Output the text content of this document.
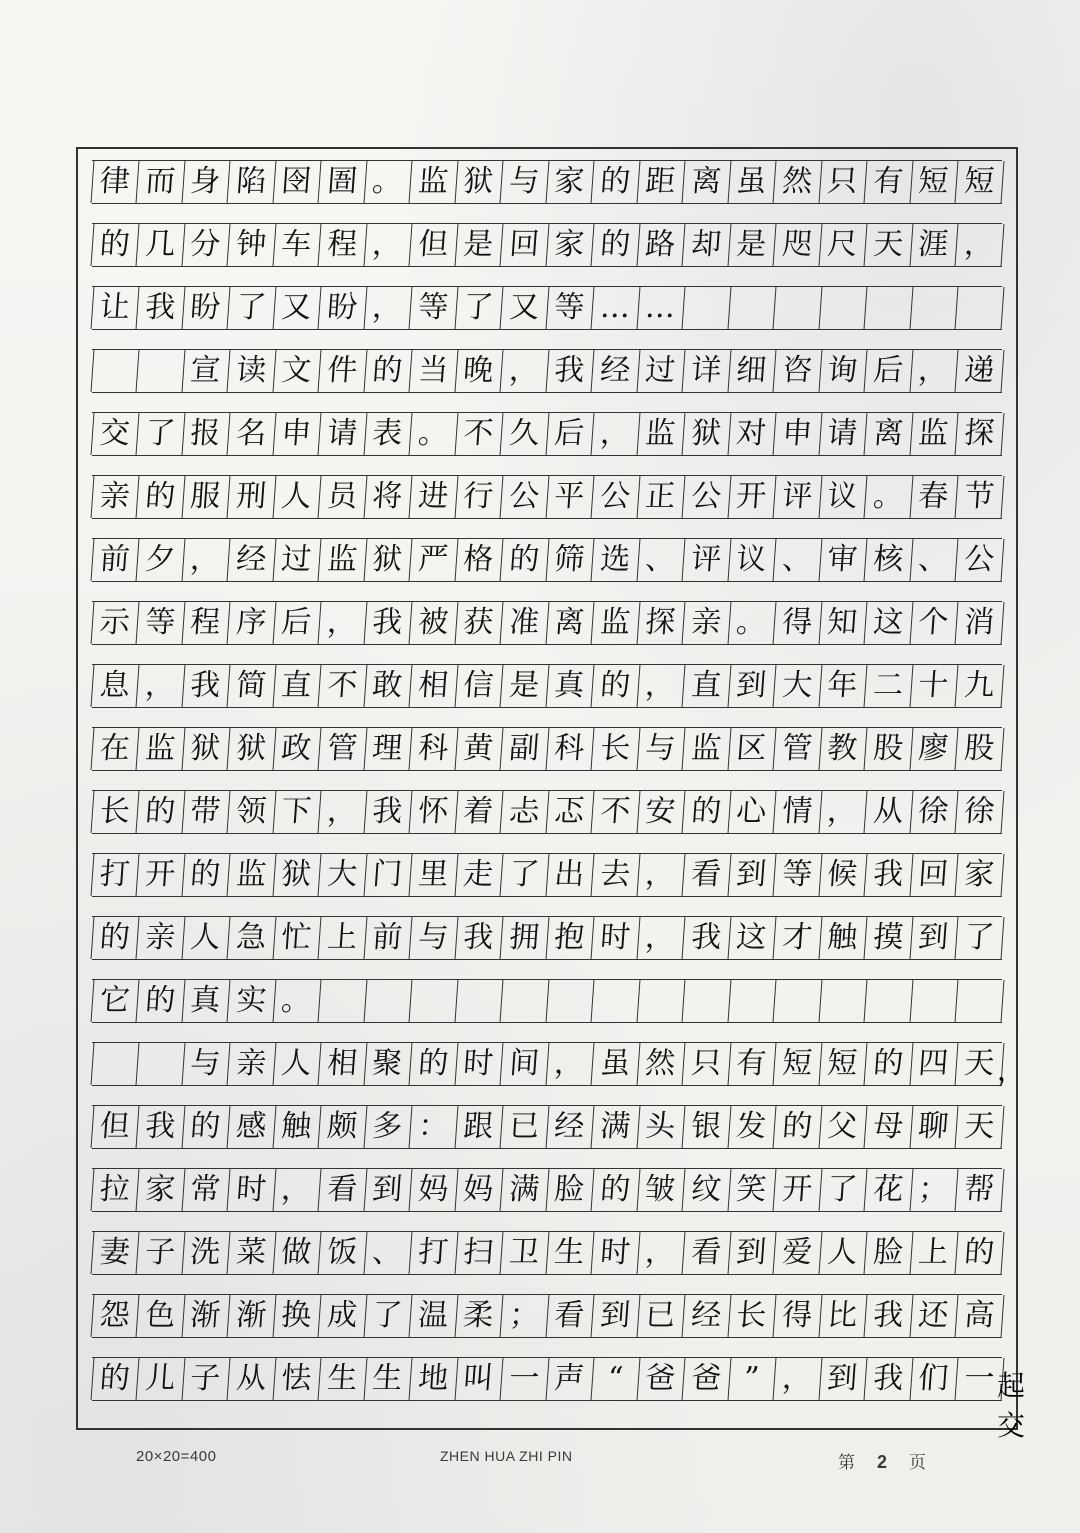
律 而 身 陷 囹 圄 。 监 狱 与 家 的 距 离 虽 然 只 有 短 短
的 几 分 钟 车 程 ， 但 是 回 家 的 路 却 是 咫 尺 天 涯 ，
让 我 盼 了 又 盼 ， 等 了 又 等 … …
宣 读 文 件 的 当 晚 ， 我 经 过 详 细 咨 询 后 ， 递
交 了 报 名 申 请 表 。 不 久 后 ， 监 狱 对 申 请 离 监 探
亲 的 服 刑 人 员 将 进 行 公 平 公 正 公 开 评 议 。 春 节
前 夕 ， 经 过 监 狱 严 格 的 筛 选 、 评 议 、 审 核 、 公
示 等 程 序 后 ， 我 被 获 准 离 监 探 亲 。 得 知 这 个 消
息 ， 我 简 直 不 敢 相 信 是 真 的 ， 直 到 大 年 二 十 九
在 监 狱 狱 政 管 理 科 黄 副 科 长 与 监 区 管 教 股 廖 股
长 的 带 领 下 ， 我 怀 着 忐 忑 不 安 的 心 情 ， 从 徐 徐
打 开 的 监 狱 大 门 里 走 了 出 去 ， 看 到 等 候 我 回 家
的 亲 人 急 忙 上 前 与 我 拥 抱 时 ， 我 这 才 触 摸 到 了
它 的 真 实 。
与 亲 人 相 聚 的 时 间 ， 虽 然 只 有 短 短 的 四 天 ，
但 我 的 感 触 颇 多 ： 跟 已 经 满 头 银 发 的 父 母 聊 天
拉 家 常 时 ， 看 到 妈 妈 满 脸 的 皱 纹 笑 开 了 花 ； 帮
妻 子 洗 菜 做 饭 、 打 扫 卫 生 时 ， 看 到 爱 人 脸 上 的
怨 色 渐 渐 换 成 了 温 柔 ； 看 到 已 经 长 得 比 我 还 高
的 儿 子 从 怯 生 生 地 叫 一 声 “ 爸 爸 ” ， 到 我 们 一 起交
20×20=400	ZHEN HUA ZHI PIN	第 2 页
